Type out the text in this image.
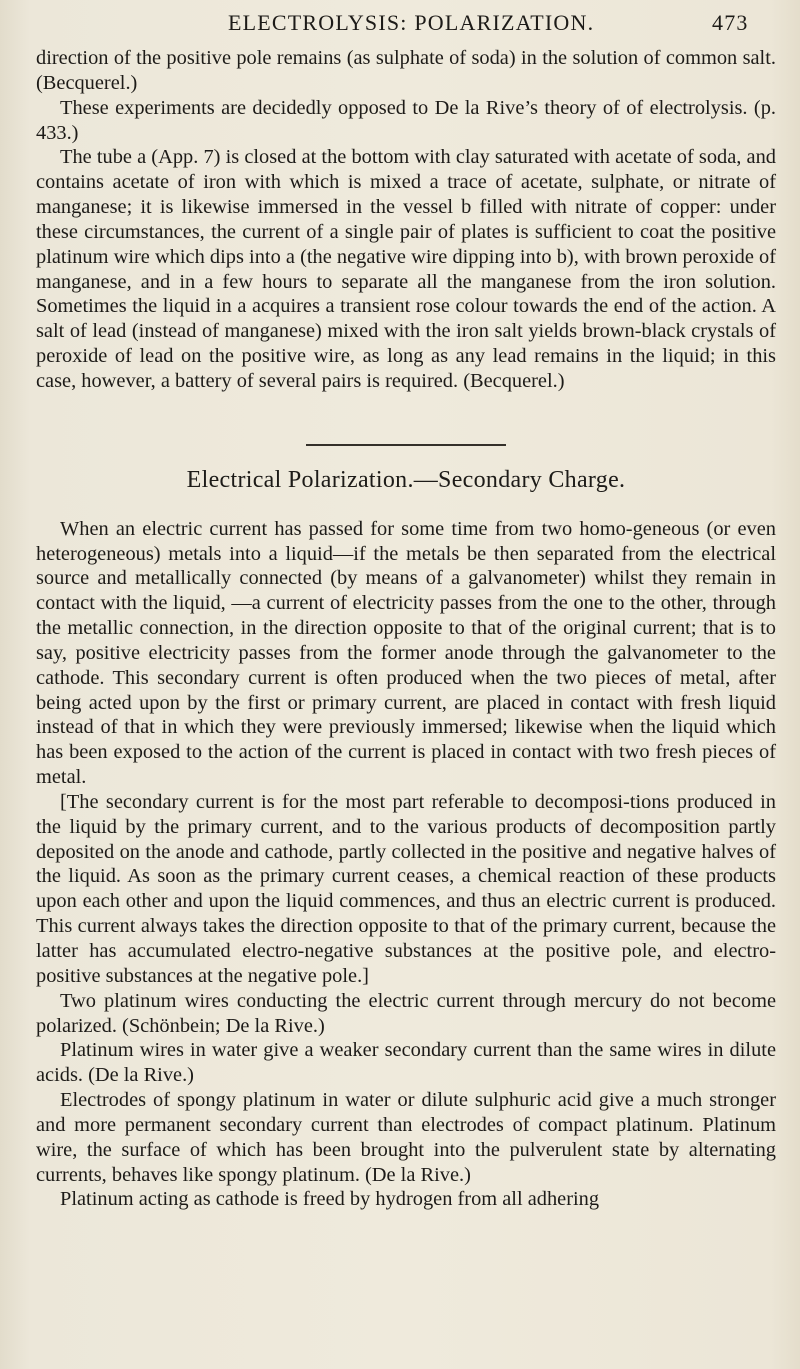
ELECTROLYSIS: POLARIZATION.	473

direction of the positive pole remains (as sulphate of soda) in the solution of common salt. (Becquerel.)

These experiments are decidedly opposed to De la Rive’s theory of of electrolysis. (p. 433.)

The tube a (App. 7) is closed at the bottom with clay saturated with acetate of soda, and contains acetate of iron with which is mixed a trace of acetate, sulphate, or nitrate of manganese; it is likewise immersed in the vessel b filled with nitrate of copper: under these circumstances, the current of a single pair of plates is sufficient to coat the positive platinum wire which dips into a (the negative wire dipping into b), with brown peroxide of manganese, and in a few hours to separate all the manganese from the iron solution. Sometimes the liquid in a acquires a transient rose colour towards the end of the action. A salt of lead (instead of manganese) mixed with the iron salt yields brown-black crystals of peroxide of lead on the positive wire, as long as any lead remains in the liquid; in this case, however, a battery of several pairs is required. (Becquerel.)

Electrical Polarization.—Secondary Charge.

When an electric current has passed for some time from two homo-geneous (or even heterogeneous) metals into a liquid—if the metals be then separated from the electrical source and metallically connected (by means of a galvanometer) whilst they remain in contact with the liquid, —a current of electricity passes from the one to the other, through the metallic connection, in the direction opposite to that of the original current; that is to say, positive electricity passes from the former anode through the galvanometer to the cathode. This secondary current is often produced when the two pieces of metal, after being acted upon by the first or primary current, are placed in contact with fresh liquid instead of that in which they were previously immersed; likewise when the liquid which has been exposed to the action of the current is placed in contact with two fresh pieces of metal.

[The secondary current is for the most part referable to decomposi-tions produced in the liquid by the primary current, and to the various products of decomposition partly deposited on the anode and cathode, partly collected in the positive and negative halves of the liquid. As soon as the primary current ceases, a chemical reaction of these products upon each other and upon the liquid commences, and thus an electric current is produced. This current always takes the direction opposite to that of the primary current, because the latter has accumulated electro-negative substances at the positive pole, and electro-positive substances at the negative pole.]

Two platinum wires conducting the electric current through mercury do not become polarized. (Schönbein; De la Rive.)

Platinum wires in water give a weaker secondary current than the same wires in dilute acids. (De la Rive.)

Electrodes of spongy platinum in water or dilute sulphuric acid give a much stronger and more permanent secondary current than electrodes of compact platinum. Platinum wire, the surface of which has been brought into the pulverulent state by alternating currents, behaves like spongy platinum. (De la Rive.)

Platinum acting as cathode is freed by hydrogen from all adhering
